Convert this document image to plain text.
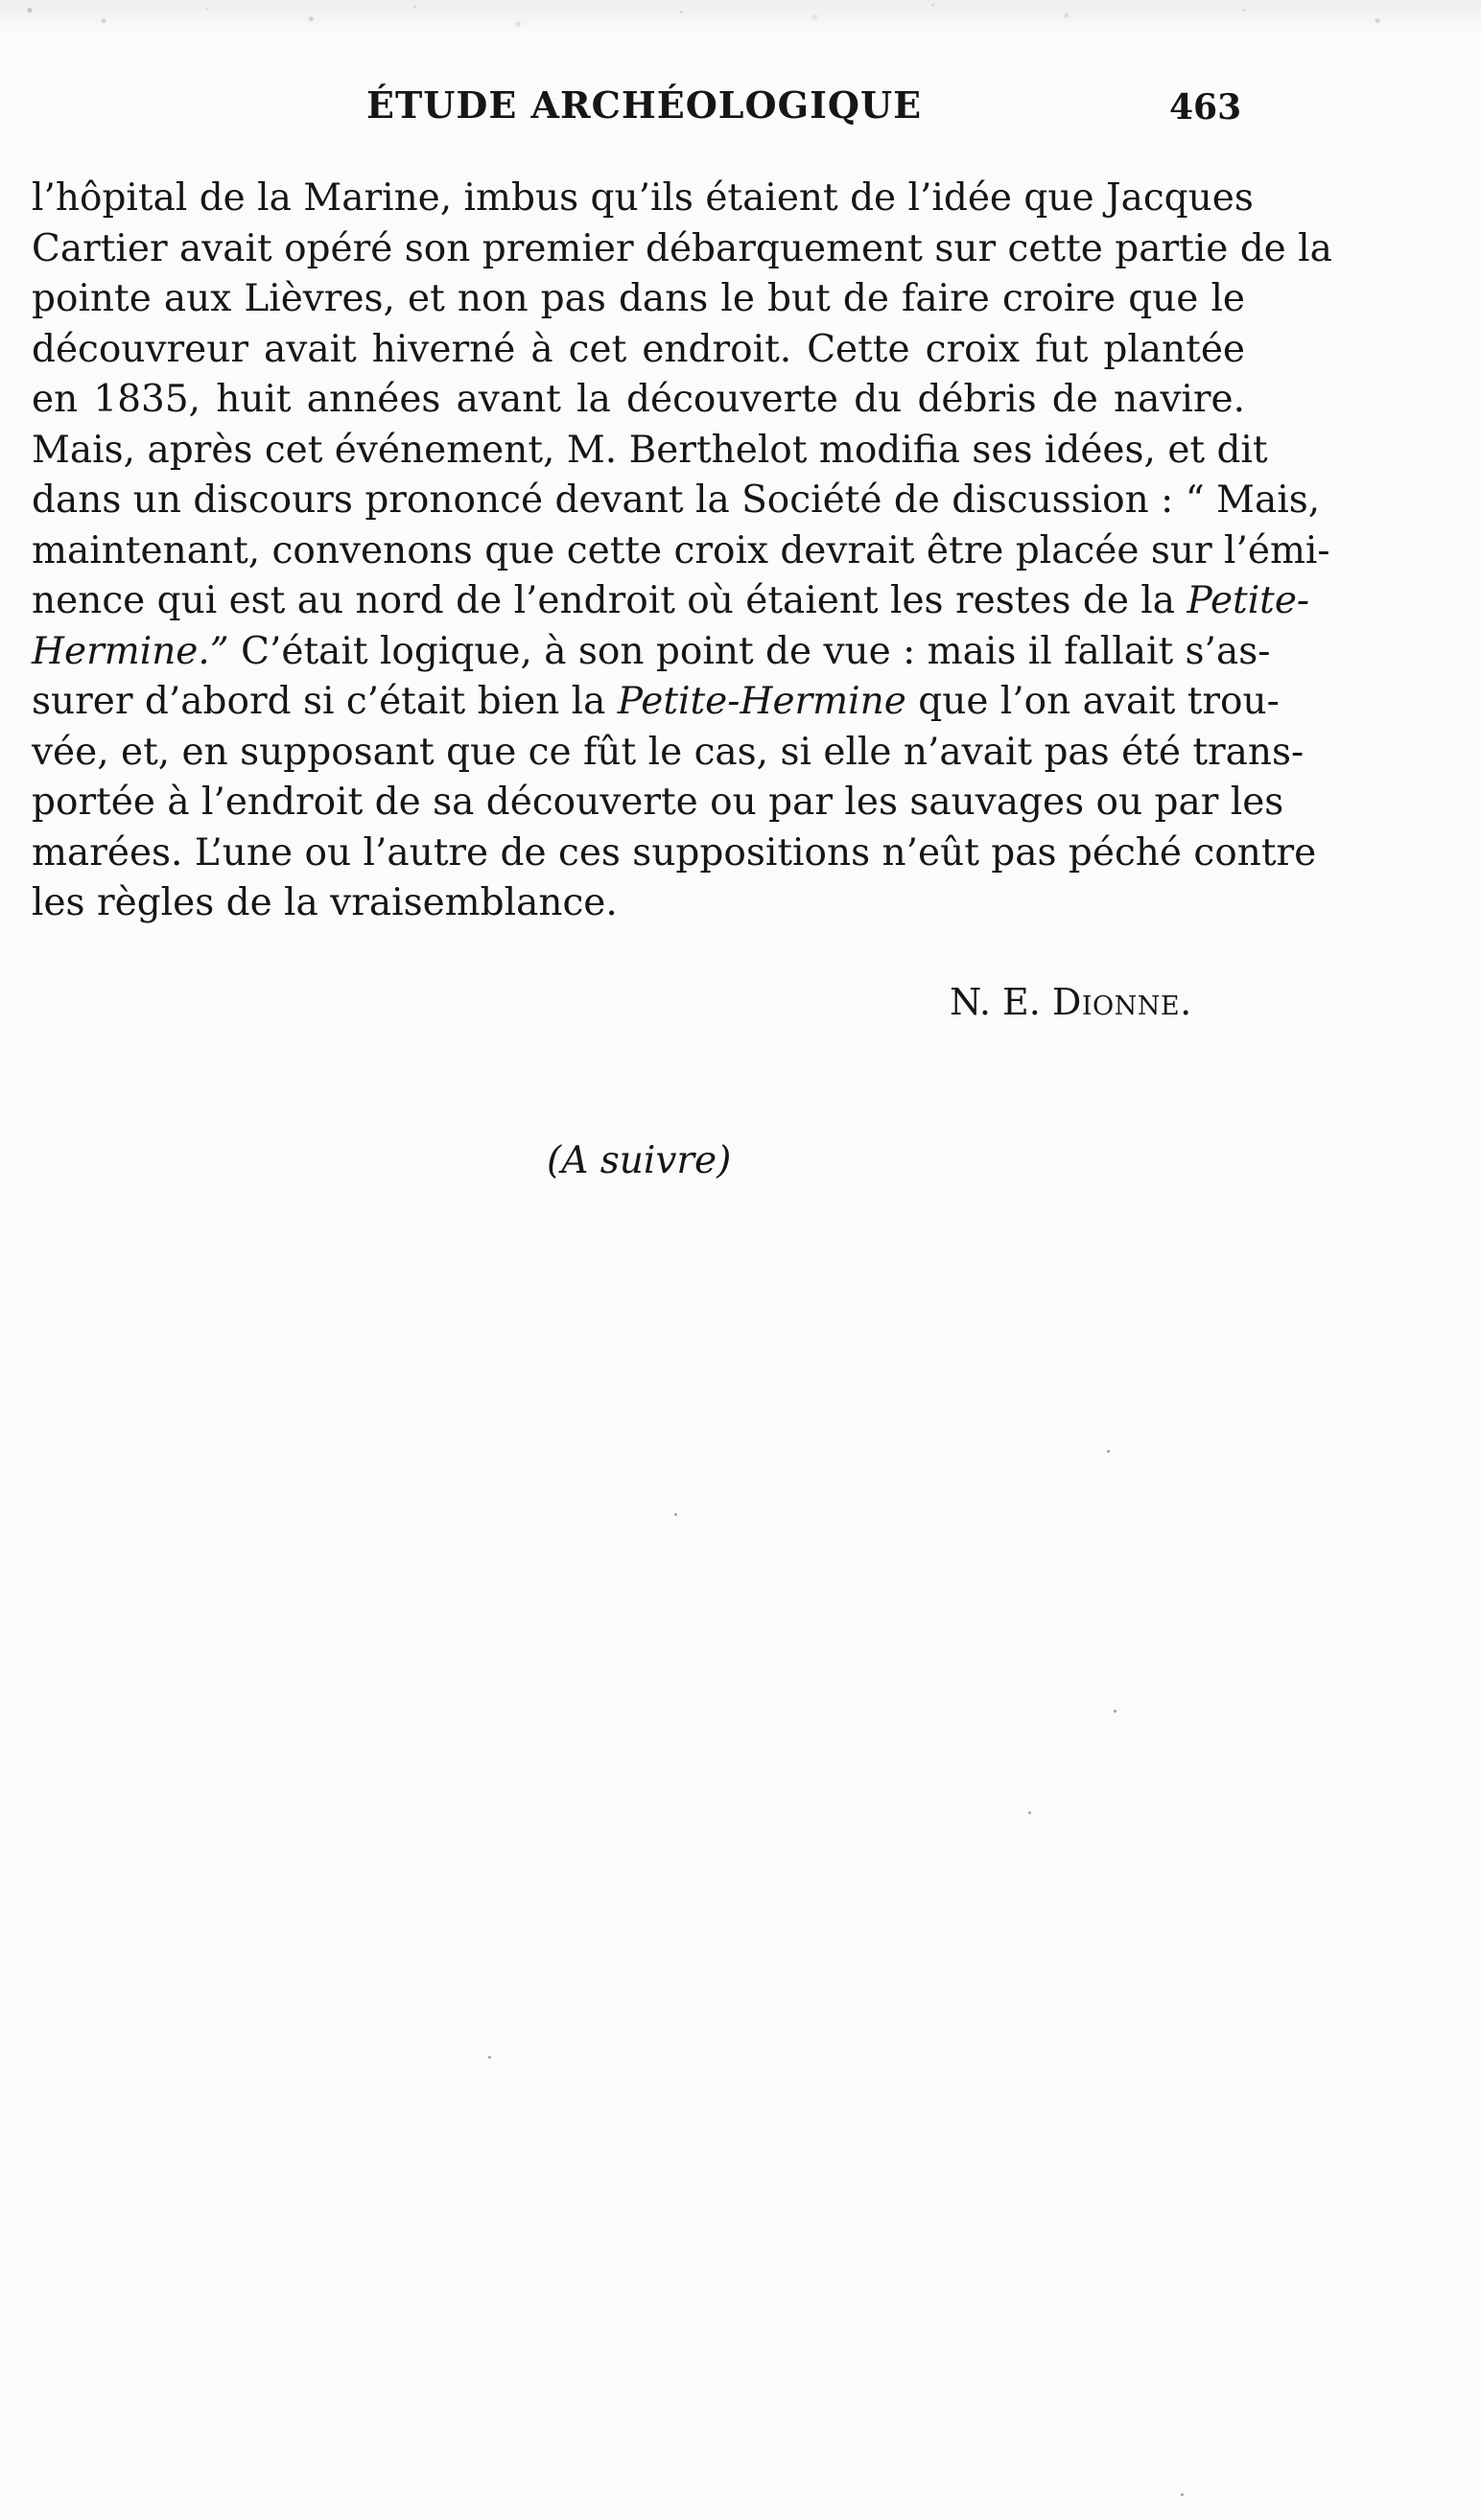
ÉTUDE ARCHÉOLOGIQUE	463
l’hôpital de la Marine, imbus qu’ils étaient de l’idée que Jacques
Cartier avait opéré son premier débarquement sur cette partie de la
pointe aux Lièvres, et non pas dans le but de faire croire que le
découvreur avait hiverné à cet endroit. Cette croix fut plantée
en 1835, huit années avant la découverte du débris de navire.
Mais, après cet événement, M. Berthelot modifia ses idées, et dit
dans un discours prononcé devant la Société de discussion : “ Mais,
maintenant, convenons que cette croix devrait être placée sur l’émi-
nence qui est au nord de l’endroit où étaient les restes de la Petite-
Hermine.” C’était logique, à son point de vue : mais il fallait s’as-
surer d’abord si c’était bien la Petite-Hermine que l’on avait trou-
vée, et, en supposant que ce fût le cas, si elle n’avait pas été trans-
portée à l’endroit de sa découverte ou par les sauvages ou par les
marées. L’une ou l’autre de ces suppositions n’eût pas péché contre
les règles de la vraisemblance.
N. E. Dionne.
(A suivre)
